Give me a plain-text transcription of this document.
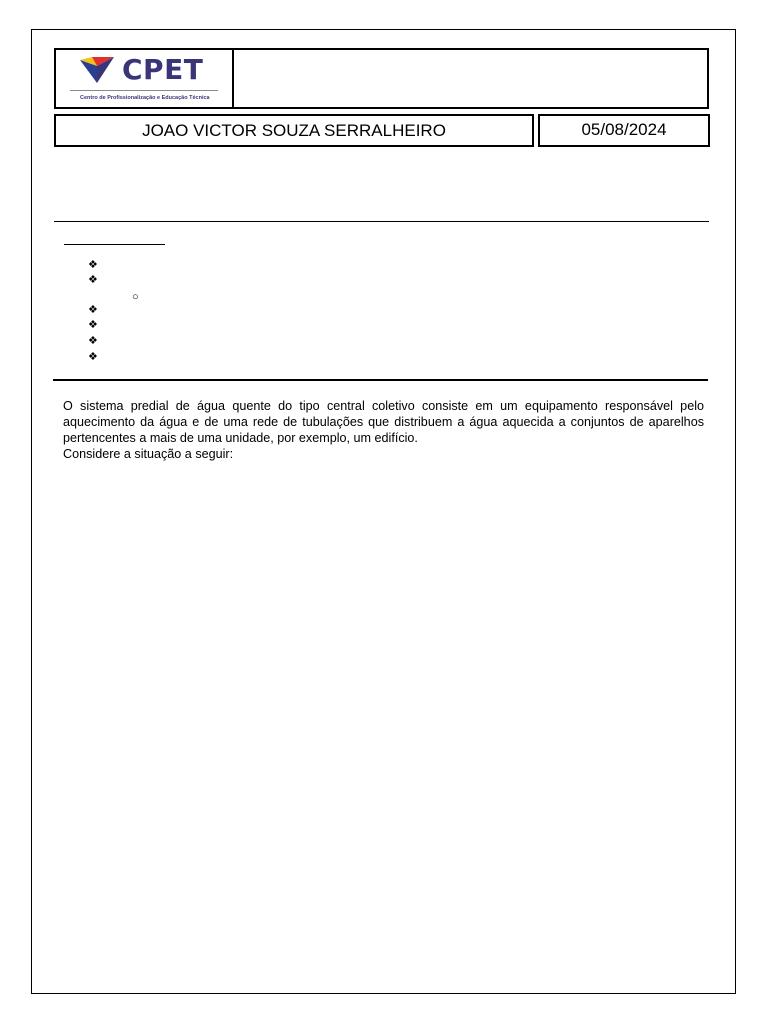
CPET
Centro de Profissionalização e Educação Técnica
JOAO VICTOR SOUZA SERRALHEIRO	05/08/2024
❖
❖
○
❖
❖
❖
❖

O sistema predial de água quente do tipo central coletivo consiste em um equipamento responsável pelo aquecimento da água e de uma rede de tubulações que distribuem a água aquecida a conjuntos de aparelhos pertencentes a mais de uma unidade, por exemplo, um edifício.

Considere a situação a seguir:
